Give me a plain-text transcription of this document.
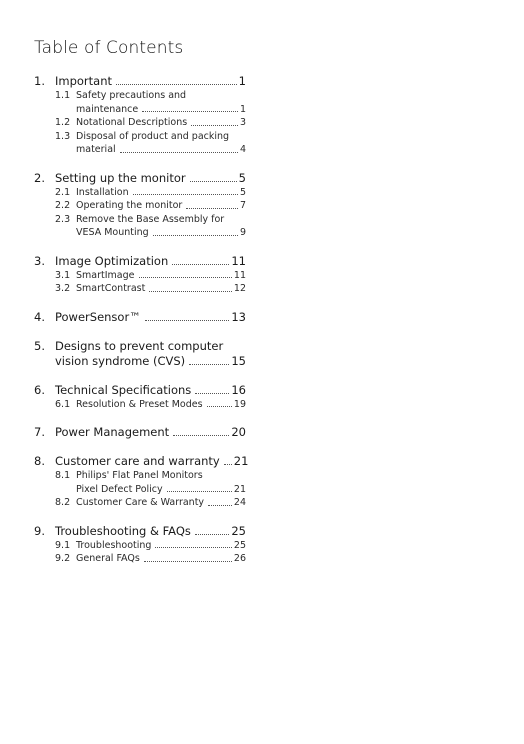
Table of Contents
1. Important	1
1.1 Safety precautions and
maintenance	1
1.2 Notational Descriptions	3
1.3 Disposal of product and packing
material	4
2. Setting up the monitor	5
2.1 Installation	5
2.2 Operating the monitor	7
2.3 Remove the Base Assembly for
VESA Mounting	9
3. Image Optimization	11
3.1 SmartImage	11
3.2 SmartContrast	12
4. PowerSensor™	13
5. Designs to prevent computer
vision syndrome (CVS)	15
6. Technical Specifications	16
6.1 Resolution & Preset Modes	19
7. Power Management	20
8. Customer care and warranty 21
8.1 Philips' Flat Panel Monitors
Pixel Defect Policy	21
8.2 Customer Care & Warranty	24
9. Troubleshooting & FAQs	25
9.1 Troubleshooting	25
9.2 General FAQs	26
